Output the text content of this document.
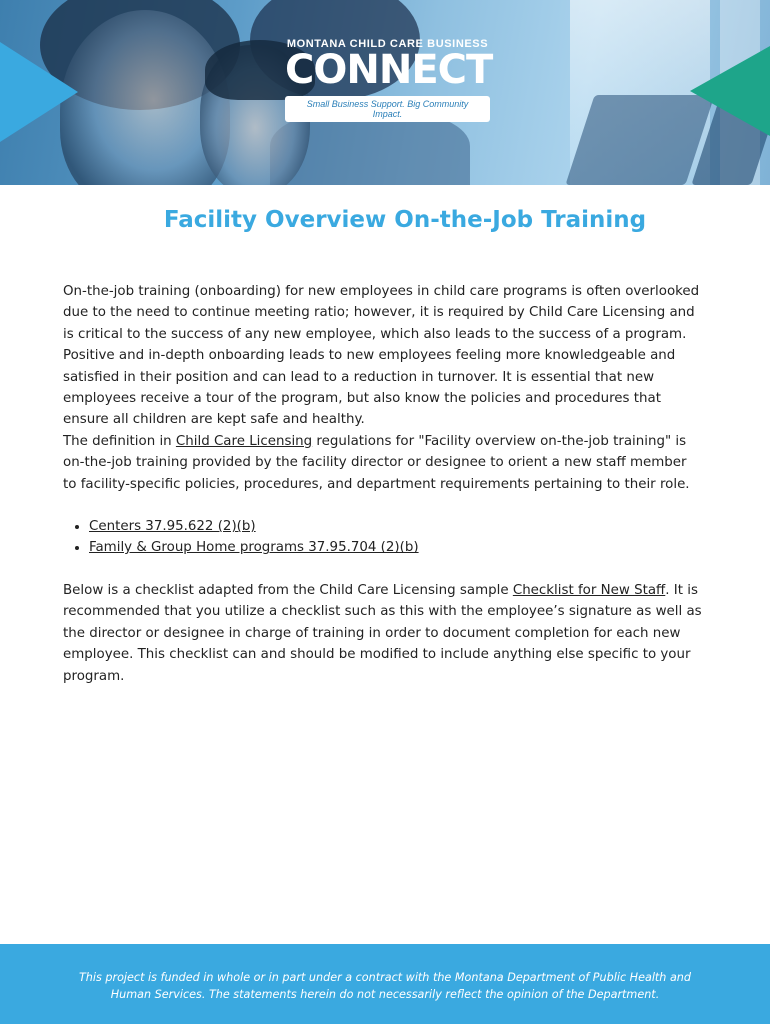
MONTANA CHILD CARE BUSINESS
CONNECT
Small Business Support. Big Community Impact.
Facility Overview On-the-Job Training

On-the-job training (onboarding) for new employees in child care programs is often overlooked due to the need to continue meeting ratio; however, it is required by Child Care Licensing and is critical to the success of any new employee, which also leads to the success of a program. Positive and in-depth onboarding leads to new employees feeling more knowledgeable and satisfied in their position and can lead to a reduction in turnover. It is essential that new employees receive a tour of the program, but also know the policies and procedures that ensure all children are kept safe and healthy.

The definition in Child Care Licensing regulations for "Facility overview on-the-job training" is on-the-job training provided by the facility director or designee to orient a new staff member to facility-specific policies, procedures, and department requirements pertaining to their role.

• Centers 37.95.622 (2)(b)
• Family & Group Home programs 37.95.704 (2)(b)

Below is a checklist adapted from the Child Care Licensing sample Checklist for New Staff. It is recommended that you utilize a checklist such as this with the employee’s signature as well as the director or designee in charge of training in order to document completion for each new employee. This checklist can and should be modified to include anything else specific to your program.

This project is funded in whole or in part under a contract with the Montana Department of Public Health and
Human Services. The statements herein do not necessarily reflect the opinion of the Department.
